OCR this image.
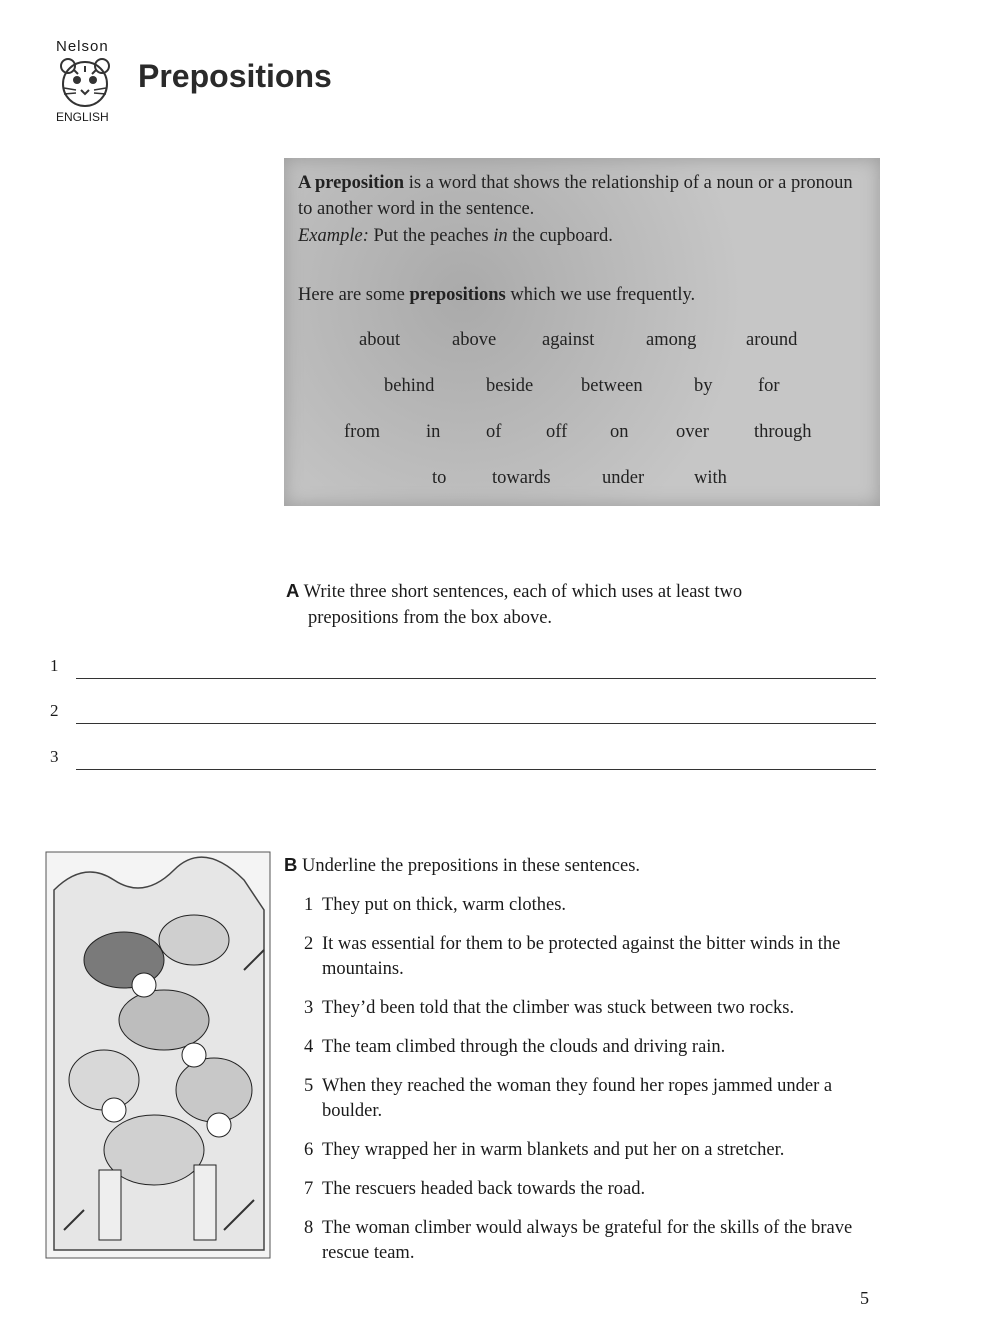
Nelson
ENGLISH
Prepositions

A preposition is a word that shows the relationship of a noun or a pronoun to another word in the sentence.

Example: Put the peaches in the cupboard.

Here are some prepositions which we use frequently.

about	above against	among	around
behind	beside	between	by for
from in of off on	over through
to towards	under	with
A Write three short sentences, each of which uses at least two
prepositions from the box above.
1
2
3

B Underline the prepositions in these sentences.

1 They put on thick, warm clothes.
2 It was essential for them to be protected against the bitter winds in the mountains.
3 They’d been told that the climber was stuck between two rocks.
4 The team climbed through the clouds and driving rain.
5 When they reached the woman they found her ropes jammed under a boulder.
6 They wrapped her in warm blankets and put her on a stretcher.
7 The rescuers headed back towards the road.
8 The woman climber would always be grateful for the skills of the brave rescue team.
5
